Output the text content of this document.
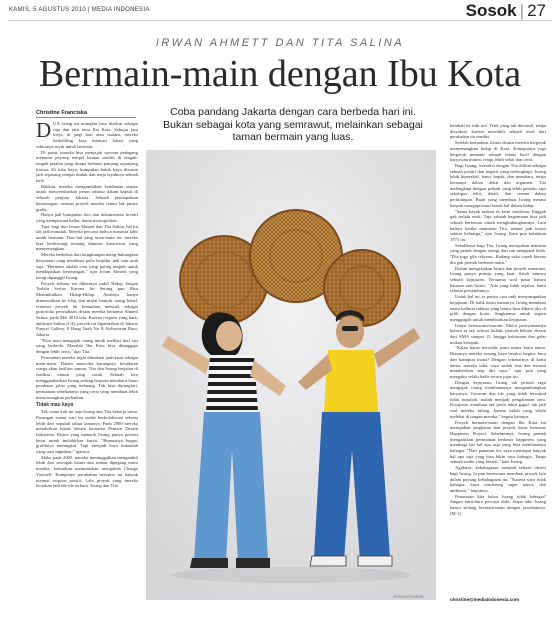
KAMIS, 5 AGUSTUS 2010 | MEDIA INDONESIA	Sosok | 27
IRWAN AHMETT DAN TITA SALINA
Bermain-main dengan Ibu Kota
Christine Franciska

DUA orang ini mungkin bisa disebut sebagai raja dan ratu tawa Ibu Kota. Sekujur jam kerja, di pagi hari atau malam, mereka berkeliling kota mencari lokasi yang sekiranya asyik untuk bermain.

Di pasar, mereka bisa menjajah sayuran pedagang memutar payung tempel buatan sendiri di tengah-tengah pejalan yang disapa berbaris panjang sepanjang trotoar. Di toko kaya, kumpulan balok kayu disusun jadi sepasang tempat duduk dan meja layaknya sebuah kafe.

Bahkan, mereka mengumbikan kendaraan umum untuk menyemburkan pesan rahasia dalam kapsul di seluruh penjuru Jakarta. Sebuah pendapatkan kesenangan, semuat proyek mereka temui lak punya grafis.

Hanya jadi kumpulan foto dan dokumentasi kreatif yang mempesona kalbu, dunia metropolitan.

Tapi, bagi duo Irwan Ahmett dan Tita Salina, hal itu tak jadi masalah. Mereka percaya bahwa manusia lahir untuk bermain. Dari hal yang main-main itu, mereka bisa berbincang tentang dimensi kreativitas yang menyenangkan.

Mereka berbekas dari kungkungan meng-hubungkan kenyataan yang membuat polis berpikir jadi satu arah saja. "Bermain adalah cara yang paling ampuh untuk mendapatkan kesenangan," ujar Irwan Ahmett yang kerap dipanggil Iwang.

Proyek terbaru ini diberinya judul Hidup Jangan Terlalu Serius Karena Itu Serang pun Bisa Menimbulkan Hidup-Hidup. Awalnya hanya dimunculkan ke blog dan mulai banyak orang kenal, rentetan proyek ini kemudian menarik sebagai portofolio perusahaan desain mereka bernama Ahmett Salina, pada Mei 2010 lalu. Karena respons yang baik, akhirnya Salina (1/4), proyek ini dipamerkan di Jakarta Punyai Gallery, 8 Hang Tuah No 9, Kebayoran Baru, Jakarta.

"Kita mau mengajak orang untuk melihat dari sisi yang berbeda. Masalah Ibu Kota bisa ditanggapi dengan lebih ceria," ujar Tita.

Permainan mereka ingin dimaknai jauh-jauh sebagai main-main. Dalam mencoba kurangnya kesadaran warga akan fasilitas umum, Tita dan Iwang berjalan di fasilitas umum yang rusak. Sebuah foto menggambarkan Iwang sedang berpose membaca batas pembatas jalan yang terbuang. Tak bisa dipungkiri, permainan sebelumnya yang ceria yang membuat lebih menyenangkan perbaikan.

Tidak mau kaya

Tak cuma kali ini saja Iwang dan Tita bekerja sama. Pasangan suami istri ini sudah berkolaborasi selama lebih dari sepuluh tahun lamanya. Pada 2000 mereka mendirikan bisnis desain bernama Pemain Desain Indonesia. Bisnis yang menarik Iwang punya potensi besar untuk melahirkan karya. "Rumusnya bagus, grafiknya meningkat. Tapi menjadi kaya bukanlah yang saya inginkan," ujarnya.

Maka pada 2005, mereka meninggalkan mengambil lebih dari setengah bisnis dan semua dipegang mitra mereka, kemudian memutuskan mengubah Change Yourself. Kampanye perubahan bersama ini banyak menuai respons positif. Lalu proyek yang mereka kerjakan jadi ide-ide terbaru. Iwang dan Tita

Coba pandang Jakarta dengan cara berbeda hari ini. Bukan sebagai kota yang semrawut, melainkan sebagai taman bermain yang luas.
REPRO/ISTIMEWA

kembali ke titik nol. Tetik yang tak diwasuli, tetapi disyukuri karena mewakili sebuah awal dari perubahan itu sendiri.

Setelah kemudian, bisnis desain mereka bergerak menyenangkan hidup di Kota. Kemapanya juga bergerak menanti sebuah bisnis kecil dengan karyawan minim, tetapi lebih sehat dan ceria.

Bagi Iwang, interaksi dengan Tita dilihat sebagai sebuah positif dan negatif yang melengkapi. Iwang lebih hiperaktif, banci bapak, dan membara, tetapi kerasnya dalam debat dan argumen. Tita melengkapi dengan pribadi yang lebih pemalu, tapi sekaligus teliti, detail, dan cermat dalam perhitungan. Buah yang membuat Iwang merasa banyak mengaprosiasi bisnis hal dalam hidup.

"Sama kayak makan es krim sendirian. Enggak gak terlalu enak. Tapi sebuah bagaimana bisa jadi sebuah berteman untuk menghubungkannya. Lain halnya ketika mamaran Tita, semua jadi terasa sekitar keluarga," ujar Iwang. Kata pria kelahiran 1975 itu.

Sebaliknya bagi Tita, Iwang merupakan manusia yang penuh dengan energi dan tak mengenal lelah. "Dia juga gila rekreasi. Kadang suka capek karena dia gak pernah berhenti mikir."

Dalam mengerjakan bisnis dan proyek semacam, Iwang punya prinsip yang kuat. Salah satunya sebuah kejujuran. Terutama soal pasar bahwa batasan atas bisnis. "Ada yang tidak sejalan, kami rahasia persembunya.

Untuk hal ini, ia punya cara unik menyampaikan kejujuran. Di balik kartu namanya, Iwang membuat enam kalimat rahasia yang hanya bisa dibaca jika di pilih dengan kotor. Singkatnya untuk segera menggugah untuk membuatkan kejujuran.

Isinya bermacam-macam. Mulai pernyataannya bahwa ia tak selesai kuliah, pernah belajar desain dari SMA sampai 15, hingga kebiasaan dan gelar makan kerupuk.

"Kalau harus bersalah, pasti minta kartu nama. Biasanya mereka senang kaya beraksi begitu, baca dan kamipun mana? Dengan sebenarnya di kartu nama, mereka tahu, saya sudah lesa dan merasa memberikan siap diri saya," ujar pria yang mengaku selalu hadir secara jujur itu.

Dengan kejujuran, Iwang tak pernah ragu mengajak orang membantunya mengembangkan karyanya. Tawaran dan ide yang tidak terwujud tidak masalah, malah menjadi pengalaman seru. Kejujuran membuat tak perlu takut gagal, tak jadi soal mereka bilang, karena itulah yang selalu melekat di tangan mereka," begitu katanya.

Proyek bermain-main dengan Ibu Kota ini merupakan rangkaian dari proyek besar bernama Happiness Project. Sebelumnya, Iwang pernah mengadakan permainan berbasis happiness yang membagi hal hal apa saja yang bisa membuatnya bahagia. "Dari pameran itu, saya mendapat banyak hal apa saja yang bisa bikin saya bahagia. Tanpa sebuah usaha yang berarti," kata Iwang.

Agaknya, kebahagiaan menjadi sebuah obsesi bagi Iwang. Ia pun berencana membuat proyek lain dalam payung kebahagiaan itu. "Karena saya tidak bahagia. Saya cenderung super narsis, dan ambisius," lanjutnya.

Penasaran kita kalau Iwang tidak bahagia? Jangan buru-buru percaya dulu. Siapa tahu Iwang hanya sedang bermain-main dengan jawabannya. (M-1)

christine@mediaindonesia.com
